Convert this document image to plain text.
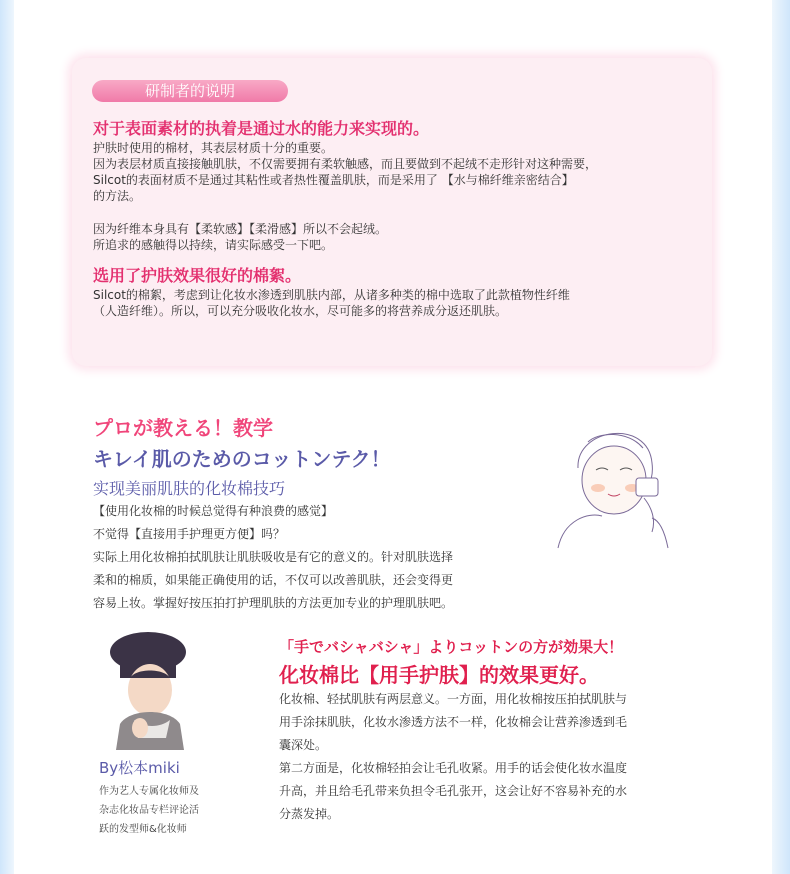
研制者的说明
对于表面素材的执着是通过水的能力来实现的。
护肤时使用的棉材，其表层材质十分的重要。
因为表层材质直接接触肌肤，不仅需要拥有柔软触感，而且要做到不起绒不走形针对这种需要，
Silcot的表面材质不是通过其粘性或者热性覆盖肌肤，而是采用了 【水与棉纤维亲密结合】
的方法。
因为纤维本身具有【柔软感】【柔滑感】所以不会起绒。
所追求的感触得以持续，请实际感受一下吧。
选用了护肤效果很好的棉絮。
Silcot的棉絮，考虑到让化妆水渗透到肌肤内部，从诸多种类的棉中选取了此款植物性纤维
（人造纤维）。所以，可以充分吸收化妆水，尽可能多的将营养成分返还肌肤。
プロが教える！教学
キレイ肌のためのコットンテク！
实现美丽肌肤的化妆棉技巧
【使用化妆棉的时候总觉得有种浪费的感觉】
不觉得【直接用手护理更方便】吗？
实际上用化妆棉拍拭肌肤让肌肤吸收是有它的意义的。针对肌肤选择
柔和的棉质，如果能正确使用的话，不仅可以改善肌肤，还会变得更
容易上妆。掌握好按压拍打护理肌肤的方法更加专业的护理肌肤吧。
By松本miki
作为艺人专属化妆师及
杂志化妆品专栏评论活
跃的发型师&化妆师
「手でバシャバシャ」よりコットンの方が効果大！
化妆棉比【用手护肤】的效果更好。
化妆棉、轻拭肌肤有两层意义。一方面，用化妆棉按压拍拭肌肤与
用手涂抹肌肤，化妆水渗透方法不一样，化妆棉会让营养渗透到毛
囊深处。
第二方面是，化妆棉轻拍会让毛孔收紧。用手的话会使化妆水温度
升高，并且给毛孔带来负担令毛孔张开，这会让好不容易补充的水
分蒸发掉。
